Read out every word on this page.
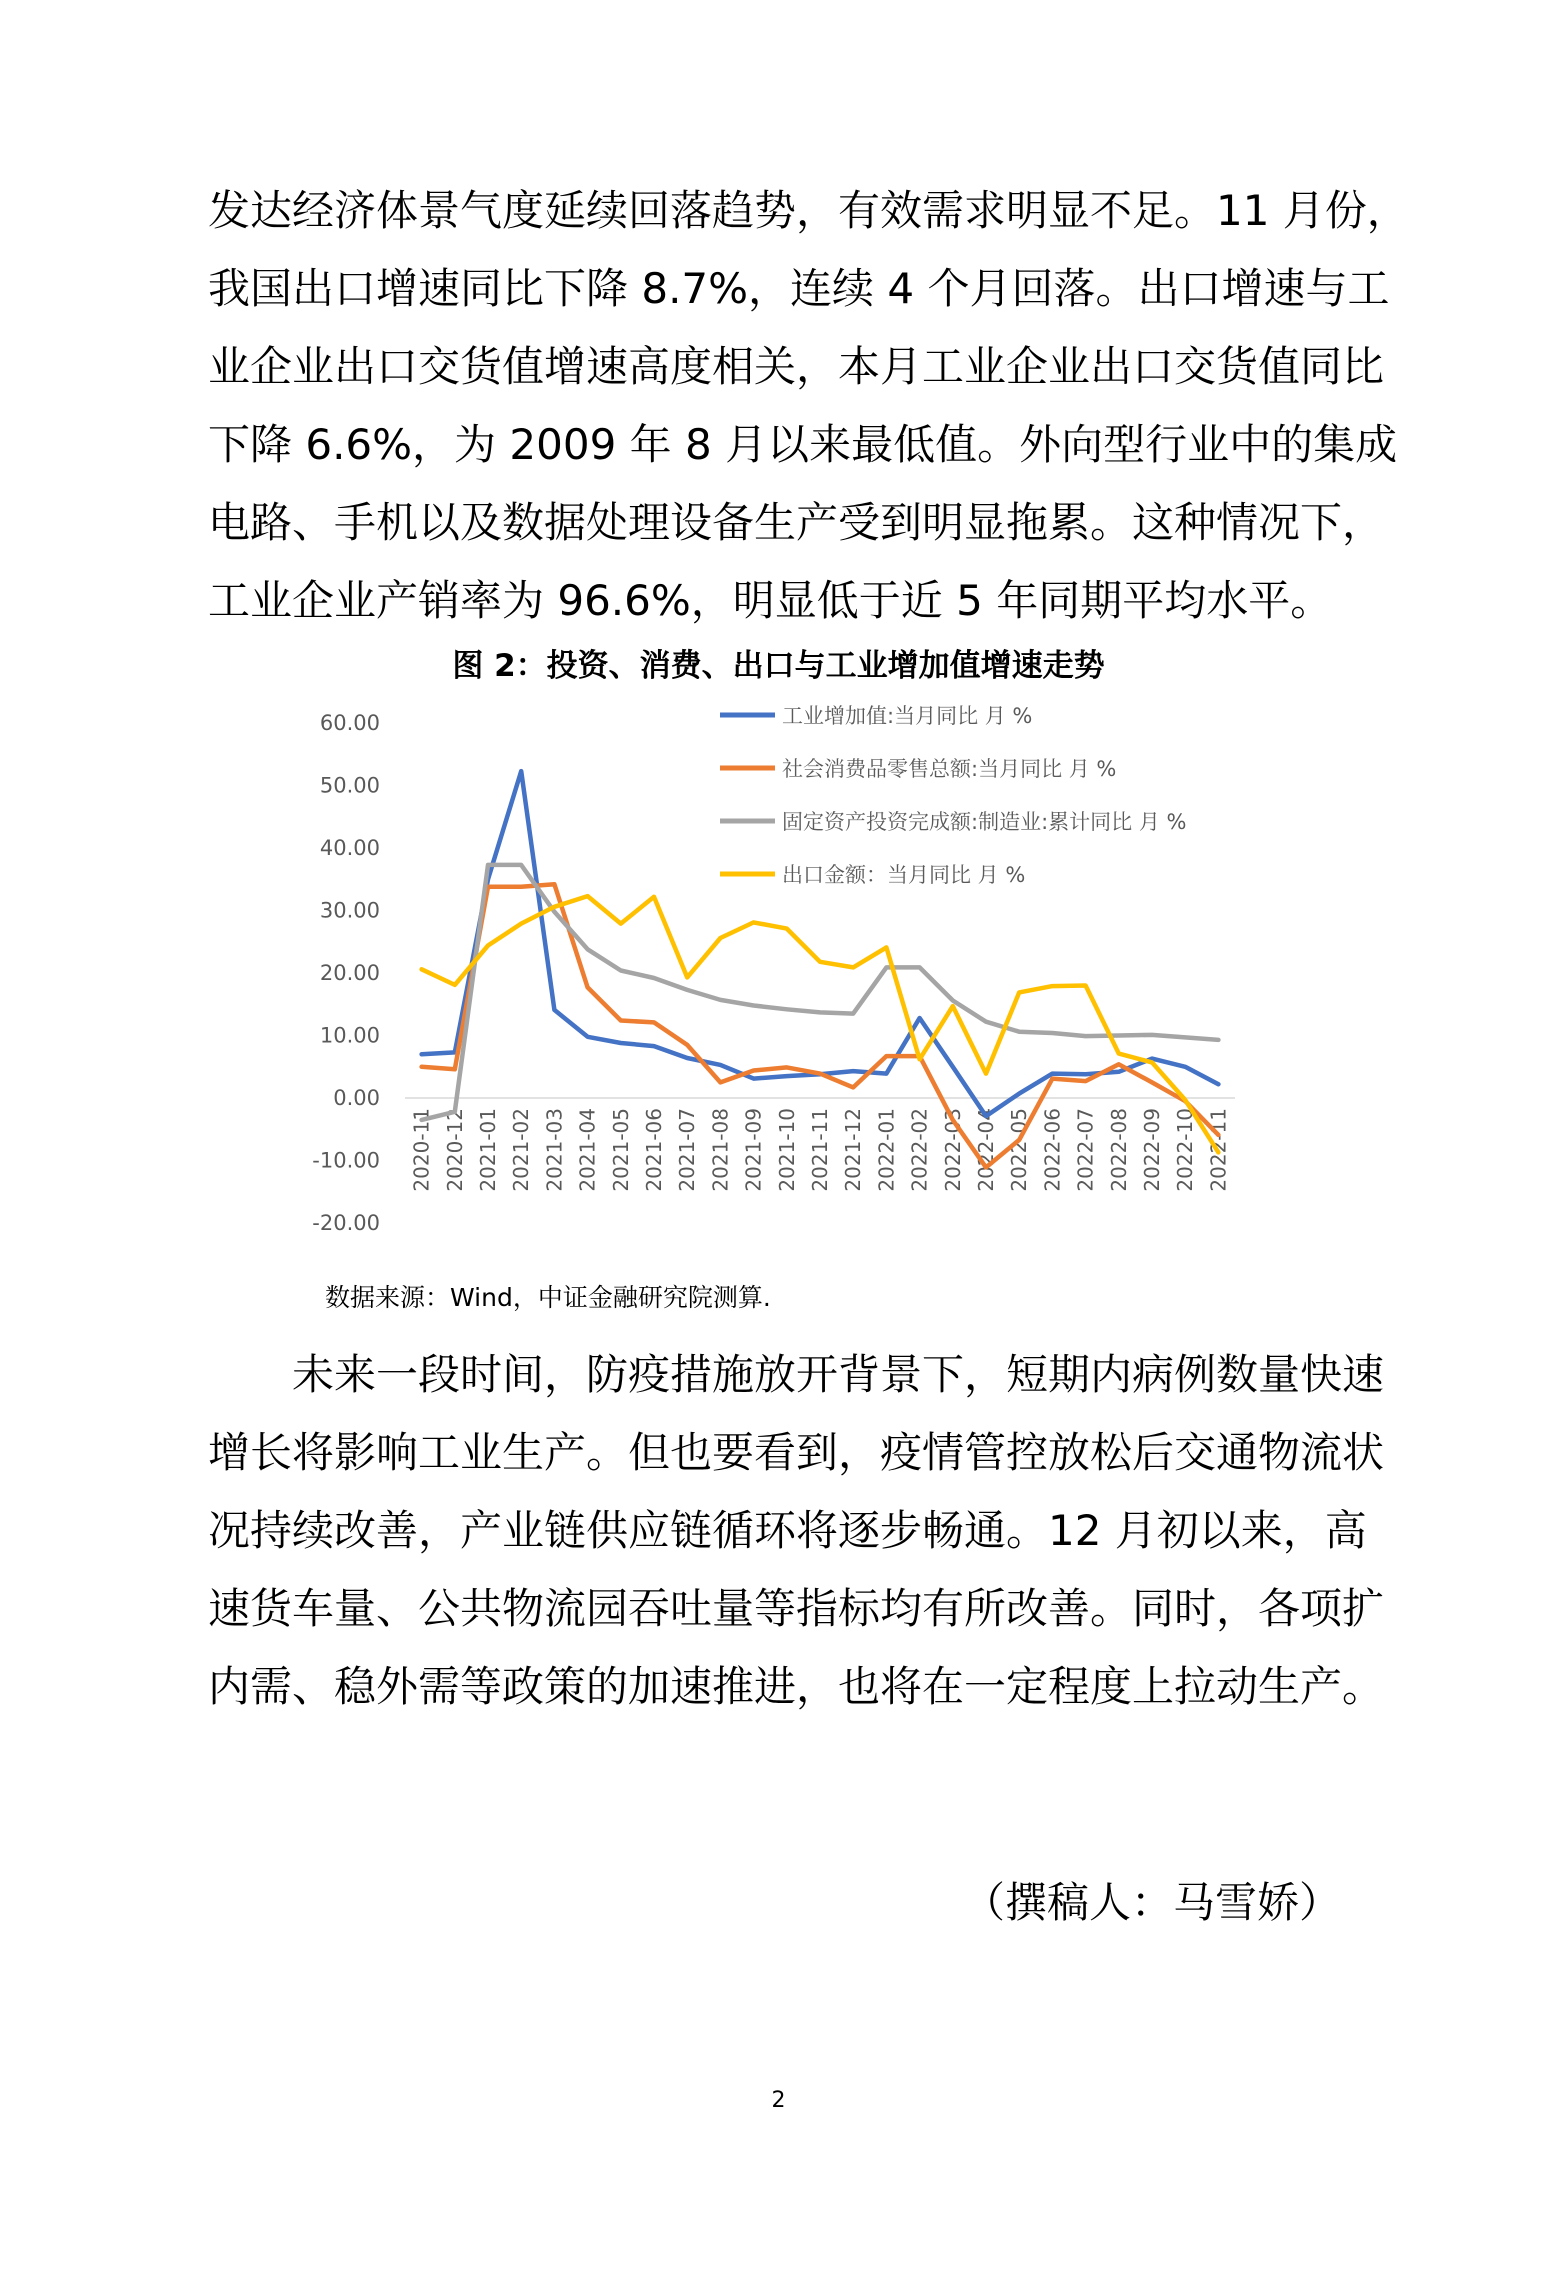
发达经济体景气度延续回落趋势，有效需求明显不足。11 月份，
我国出口增速同比下降 8.7%，连续 4 个月回落。出口增速与工
业企业出口交货值增速高度相关，本月工业企业出口交货值同比
下降 6.6%，为 2009 年 8 月以来最低值。外向型行业中的集成
电路、手机以及数据处理设备生产受到明显拖累。这种情况下，
工业企业产销率为 96.6%，明显低于近 5 年同期平均水平。

图 2：投资、消费、出口与工业增加值增速走势

60.00
50.00
40.00
30.00
20.00
10.00
0.00
-10.00
-20.00
2020-11 2020-12 2021-01 2021-02 2021-03 2021-04 2021-05 2021-06 2021-07 2021-08 2021-09 2021-10 2021-11 2021-12 2022-01 2022-02 2022-03 2022-04 2022-05 2022-06 2022-07 2022-08 2022-09 2022-10 2022-11
工业增加值:当月同比 月 %
社会消费品零售总额:当月同比 月 %
固定资产投资完成额:制造业:累计同比 月 %
出口金额：当月同比 月 %
数据来源：Wind，中证金融研究院测算.
未来一段时间，防疫措施放开背景下，短期内病例数量快速
增长将影响工业生产。但也要看到，疫情管控放松后交通物流状
况持续改善，产业链供应链循环将逐步畅通。12 月初以来，高
速货车量、公共物流园吞吐量等指标均有所改善。同时，各项扩
内需、稳外需等政策的加速推进，也将在一定程度上拉动生产。
（撰稿人：马雪娇）
2
